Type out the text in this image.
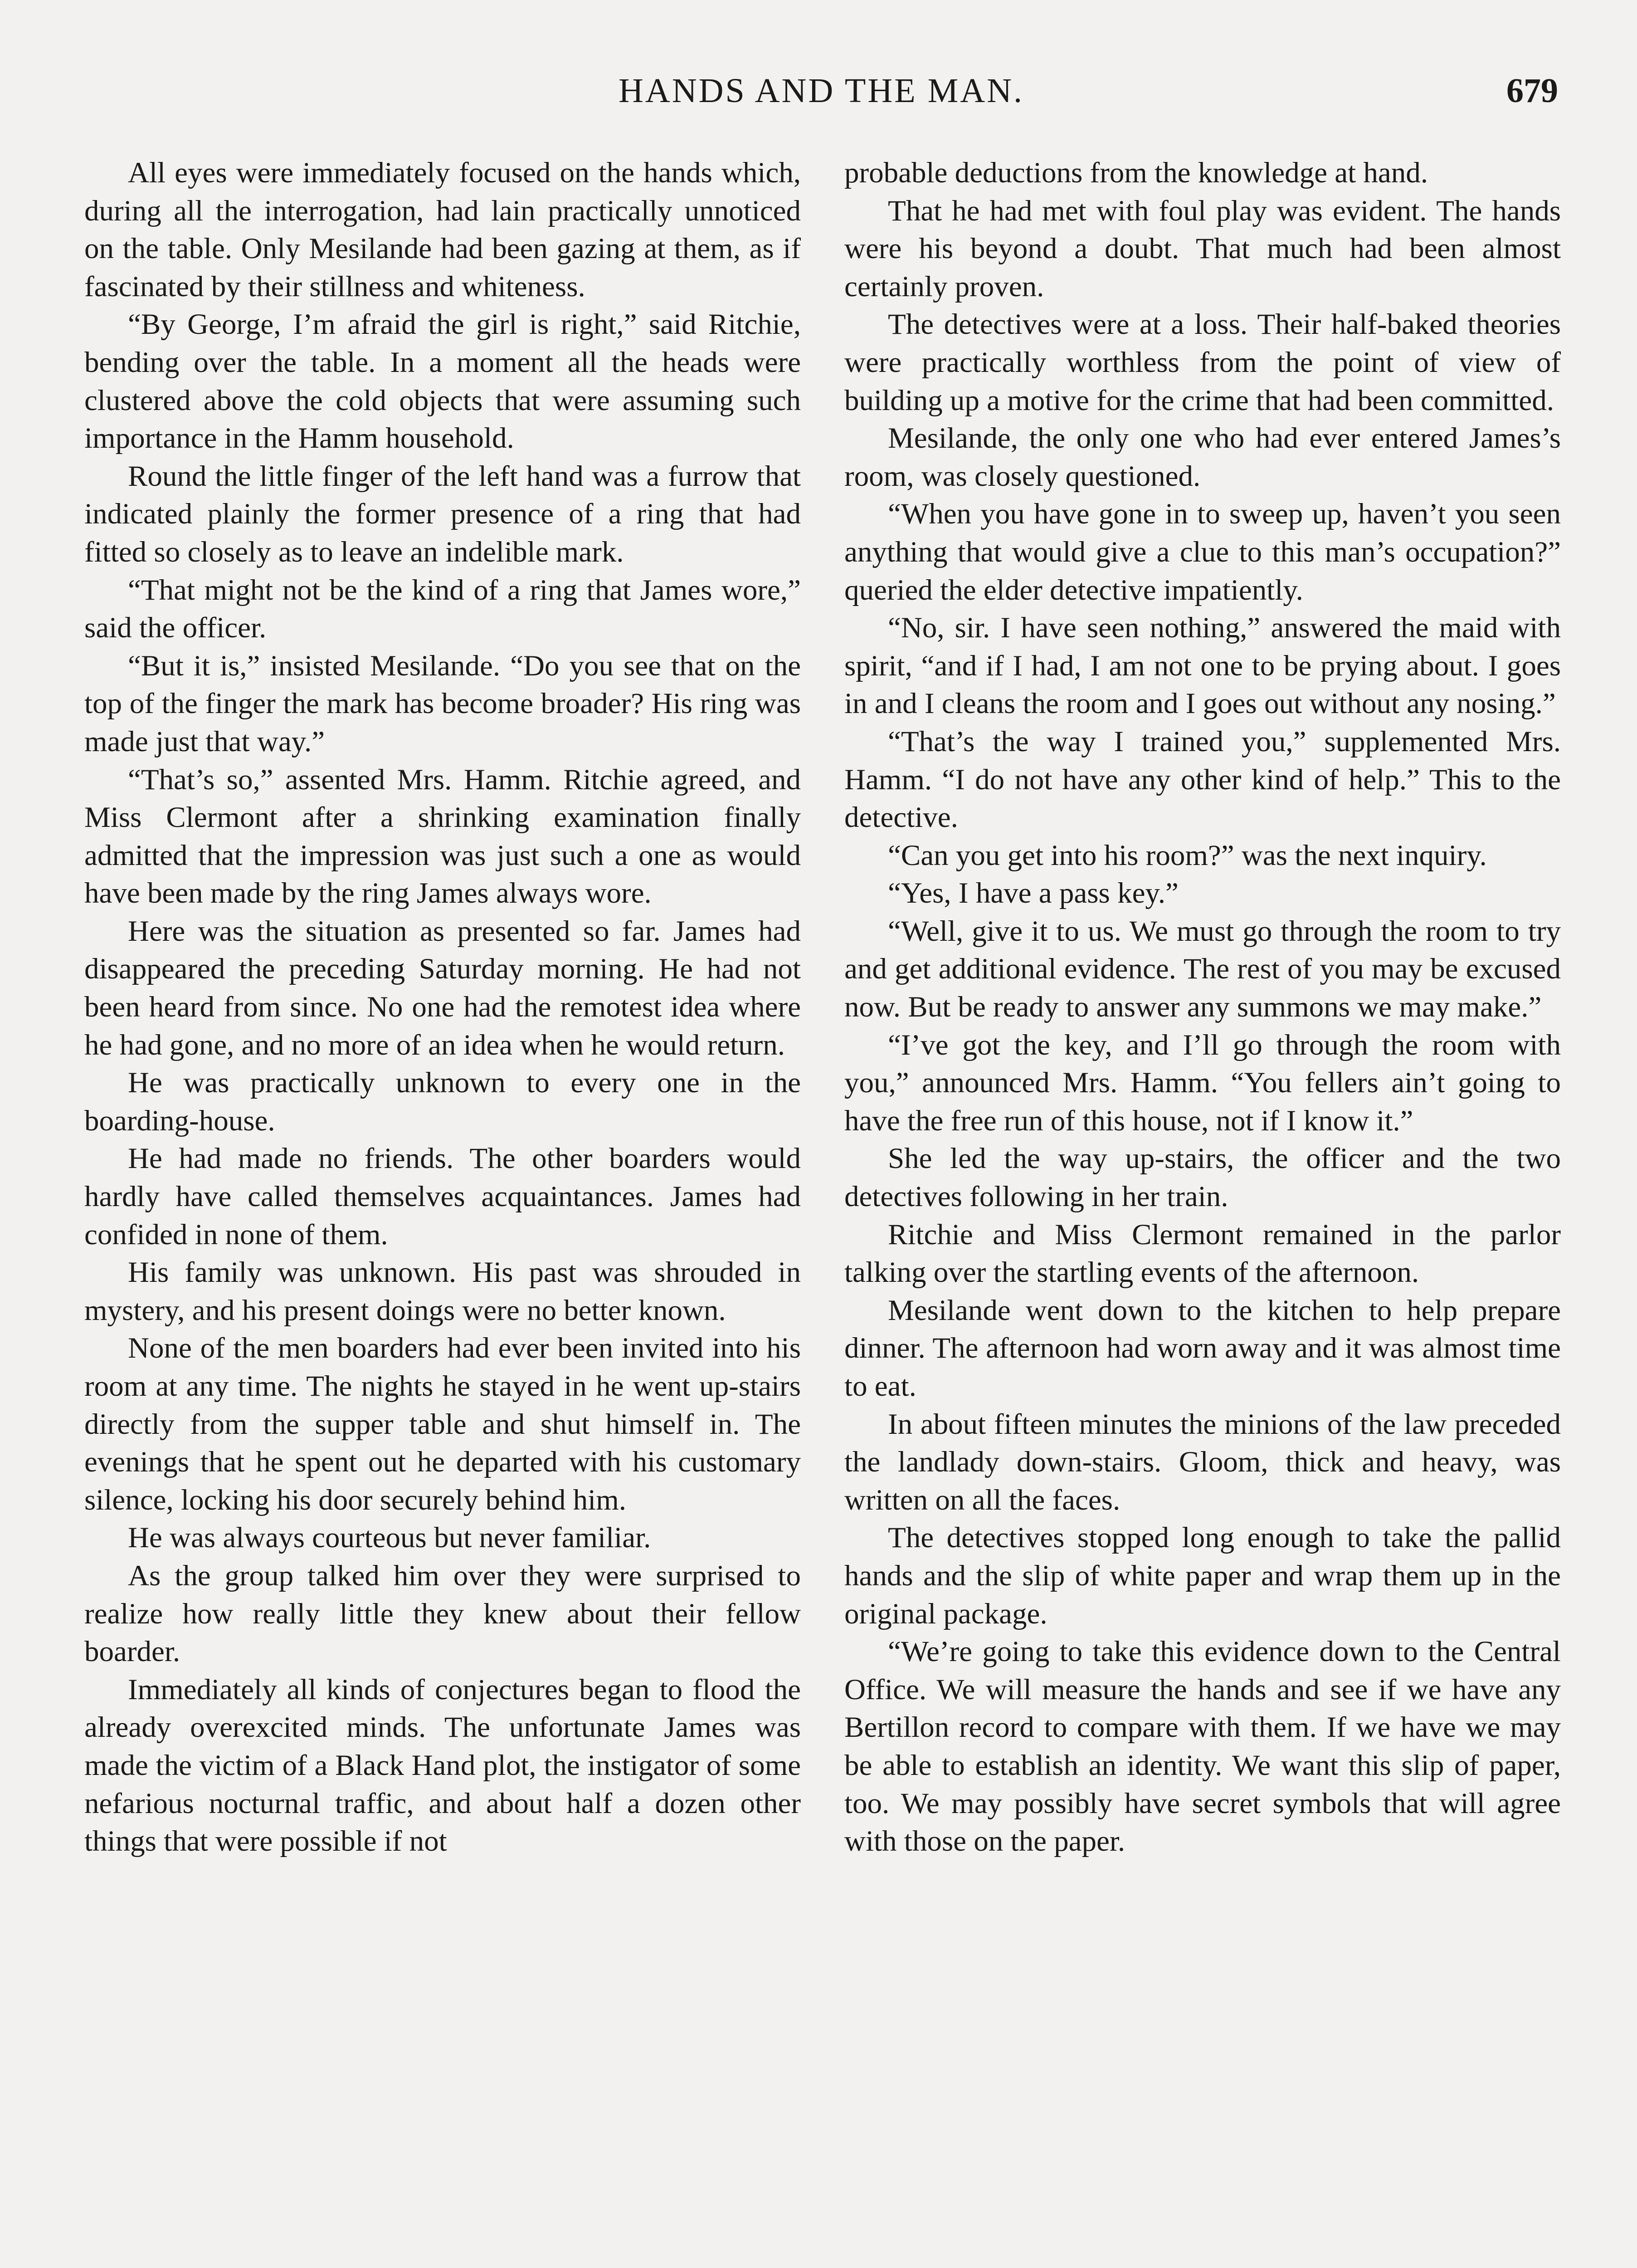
HANDS AND THE MAN.	679

All eyes were immediately focused on the hands which, during all the interrogation, had lain practically unnoticed on the table. Only Mesilande had been gazing at them, as if fascinated by their stillness and whiteness.

“By George, I’m afraid the girl is right,” said Ritchie, bending over the table. In a moment all the heads were clustered above the cold objects that were assuming such importance in the Hamm household.

Round the little finger of the left hand was a furrow that indicated plainly the former presence of a ring that had fitted so closely as to leave an indelible mark.

“That might not be the kind of a ring that James wore,” said the officer.

“But it is,” insisted Mesilande. “Do you see that on the top of the finger the mark has become broader? His ring was made just that way.”

“That’s so,” assented Mrs. Hamm. Ritchie agreed, and Miss Clermont after a shrinking examination finally admitted that the impression was just such a one as would have been made by the ring James always wore.

Here was the situation as presented so far. James had disappeared the preceding Saturday morning. He had not been heard from since. No one had the remotest idea where he had gone, and no more of an idea when he would return.

He was practically unknown to every one in the boarding-house.

He had made no friends. The other boarders would hardly have called themselves acquaintances. James had confided in none of them.

His family was unknown. His past was shrouded in mystery, and his present doings were no better known.

None of the men boarders had ever been invited into his room at any time. The nights he stayed in he went up-stairs directly from the supper table and shut himself in. The evenings that he spent out he departed with his customary silence, locking his door securely behind him.

He was always courteous but never familiar.

As the group talked him over they were surprised to realize how really little they knew about their fellow boarder.

Immediately all kinds of conjectures began to flood the already overexcited minds. The unfortunate James was made the victim of a Black Hand plot, the instigator of some nefarious nocturnal traffic, and about half a dozen other things that were possible if not

probable deductions from the knowledge at hand.

That he had met with foul play was evident. The hands were his beyond a doubt. That much had been almost certainly proven.

The detectives were at a loss. Their half-baked theories were practically worthless from the point of view of building up a motive for the crime that had been committed.

Mesilande, the only one who had ever entered James’s room, was closely questioned.

“When you have gone in to sweep up, haven’t you seen anything that would give a clue to this man’s occupation?” queried the elder detective impatiently.

“No, sir. I have seen nothing,” answered the maid with spirit, “and if I had, I am not one to be prying about. I goes in and I cleans the room and I goes out without any nosing.”

“That’s the way I trained you,” supplemented Mrs. Hamm. “I do not have any other kind of help.” This to the detective.

“Can you get into his room?” was the next inquiry.

“Yes, I have a pass key.”

“Well, give it to us. We must go through the room to try and get additional evidence. The rest of you may be excused now. But be ready to answer any summons we may make.”

“I’ve got the key, and I’ll go through the room with you,” announced Mrs. Hamm. “You fellers ain’t going to have the free run of this house, not if I know it.”

She led the way up-stairs, the officer and the two detectives following in her train.

Ritchie and Miss Clermont remained in the parlor talking over the startling events of the afternoon.

Mesilande went down to the kitchen to help prepare dinner. The afternoon had worn away and it was almost time to eat.

In about fifteen minutes the minions of the law preceded the landlady down-stairs. Gloom, thick and heavy, was written on all the faces.

The detectives stopped long enough to take the pallid hands and the slip of white paper and wrap them up in the original package.

“We’re going to take this evidence down to the Central Office. We will measure the hands and see if we have any Bertillon record to compare with them. If we have we may be able to establish an identity. We want this slip of paper, too. We may possibly have secret symbols that will agree with those on the paper.
